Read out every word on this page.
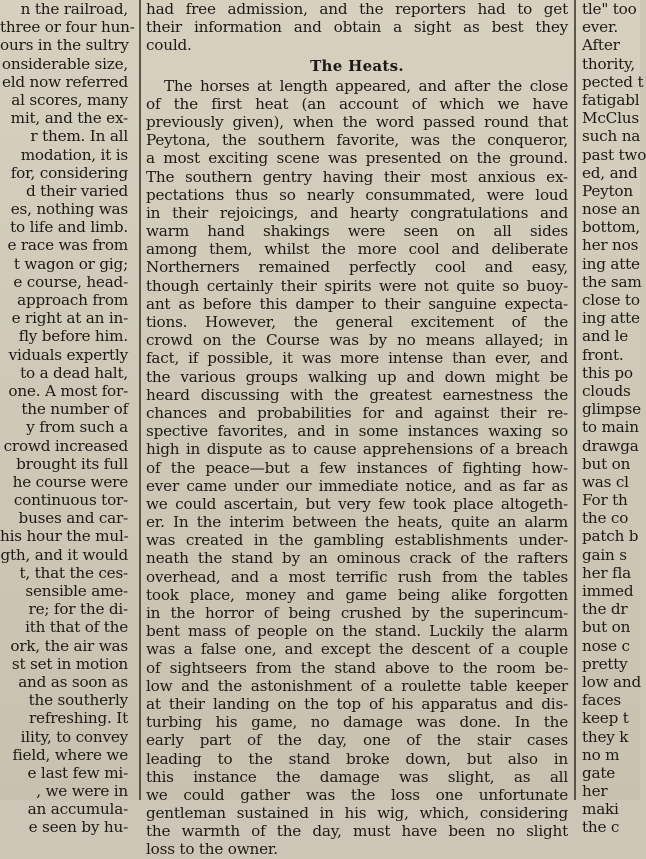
n the railroad,
three or four hun-
ours in the sultry
onsiderable size,
eld now referred
al scores, many
mit, and the ex-
r them. In all
modation, it is
for, considering
d their varied
es, nothing was
to life and limb.
e race was from
t wagon or gig;
e course, head-
approach from
e right at an in-
fly before him.
viduals expertly
to a dead halt,
one. A most for-
the number of
y from such a
crowd increased
brought its full
he course were
continuous tor-
buses and car-
his hour the mul-
gth, and it would
t, that the ces-
sensible ame-
re; for the di-
ith that of the
ork, the air was
st set in motion
and as soon as
the southerly
refreshing. It
ility, to convey
field, where we
e last few mi-
, we were in
an accumula-
e seen by hu-
had free admission, and the reporters had to get
their information and obtain a sight as best they
could.
The Heats.
The horses at length appeared, and after the close
of the first heat (an account of which we have
previously given), when the word passed round that
Peytona, the southern favorite, was the conqueror,
a most exciting scene was presented on the ground.
The southern gentry having their most anxious ex-
pectations thus so nearly consummated, were loud
in their rejoicings, and hearty congratulations and
warm hand shakings were seen on all sides
among them, whilst the more cool and deliberate
Northerners remained perfectly cool and easy,
though certainly their spirits were not quite so buoy-
ant as before this damper to their sanguine expecta-
tions. However, the general excitement of the
crowd on the Course was by no means allayed; in
fact, if possible, it was more intense than ever, and
the various groups walking up and down might be
heard discussing with the greatest earnestness the
chances and probabilities for and against their re-
spective favorites, and in some instances waxing so
high in dispute as to cause apprehensions of a breach
of the peace—but a few instances of fighting how-
ever came under our immediate notice, and as far as
we could ascertain, but very few took place altogeth-
er. In the interim between the heats, quite an alarm
was created in the gambling establishments under-
neath the stand by an ominous crack of the rafters
overhead, and a most terrific rush from the tables
took place, money and game being alike forgotten
in the horror of being crushed by the superincum-
bent mass of people on the stand. Luckily the alarm
was a false one, and except the descent of a couple
of sightseers from the stand above to the room be-
low and the astonishment of a roulette table keeper
at their landing on the top of his apparatus and dis-
turbing his game, no damage was done. In the
early part of the day, one of the stair cases
leading to the stand broke down, but also in
this instance the damage was slight, as all
we could gather was the loss one unfortunate
gentleman sustained in his wig, which, considering
the warmth of the day, must have been no slight
loss to the owner.
tle" too
ever.
After
thority,
pected t
fatigabl
McClus
such na
past two
ed, and
Peyton
nose an
bottom,
her nos
ing atte
the sam
close to
ing atte
and le
front.
this po
clouds
glimpse
to main
drawga
but on
was cl
For th
the co
patch b
gain s
her fla
immed
the dr
but on
nose c
pretty
low and
faces
keep t
they k
no m
gate
her
maki
the c
